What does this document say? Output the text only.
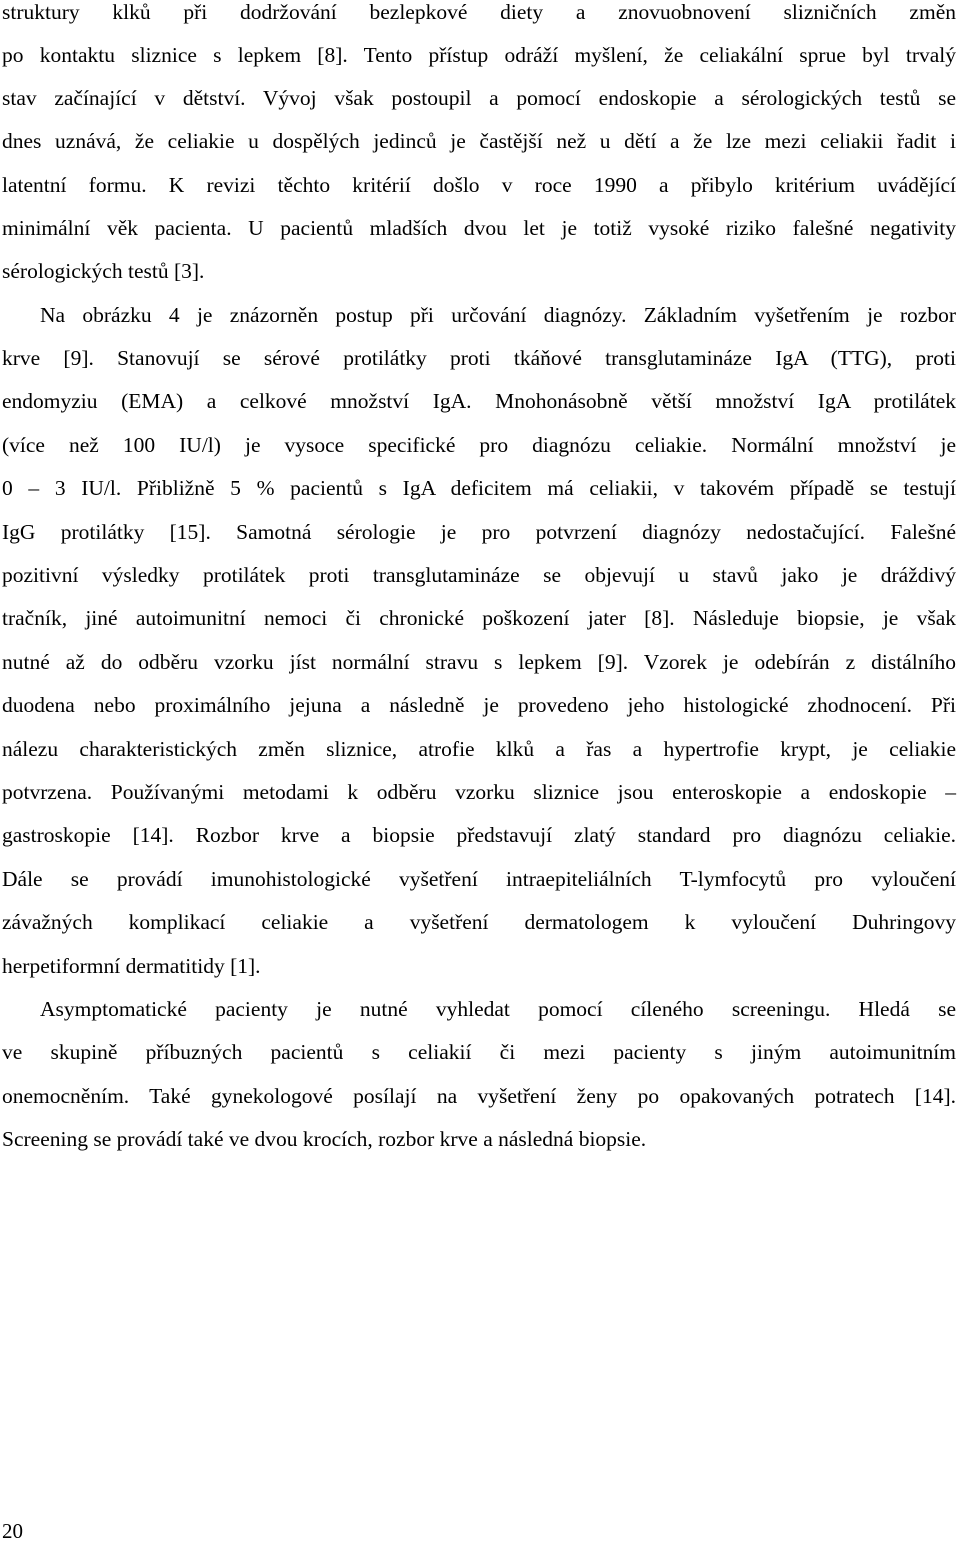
struktury klků při dodržování bezlepkové diety a znovuobnovení slizničních změn
po kontaktu sliznice s lepkem [8]. Tento přístup odráží myšlení, že celiakální sprue byl trvalý
stav začínající v dětství. Vývoj však postoupil a pomocí endoskopie a sérologických testů se
dnes uznává, že celiakie u dospělých jedinců je častější než u dětí a že lze mezi celiakii řadit i
latentní formu. K revizi těchto kritérií došlo v roce 1990 a přibylo kritérium uvádějící
minimální věk pacienta. U pacientů mladších dvou let je totiž vysoké riziko falešné negativity
sérologických testů [3].
Na obrázku 4 je znázorněn postup při určování diagnózy. Základním vyšetřením je rozbor
krve [9]. Stanovují se sérové protilátky proti tkáňové transglutamináze IgA (TTG), proti
endomyziu (EMA) a celkové množství IgA. Mnohonásobně větší množství IgA protilátek
(více než 100 IU/l) je vysoce specifické pro diagnózu celiakie. Normální množství je
0 – 3 IU/l. Přibližně 5 % pacientů s IgA deficitem má celiakii, v takovém případě se testují
IgG protilátky [15]. Samotná sérologie je pro potvrzení diagnózy nedostačující. Falešné
pozitivní výsledky protilátek proti transglutamináze se objevují u stavů jako je dráždivý
tračník, jiné autoimunitní nemoci či chronické poškození jater [8]. Následuje biopsie, je však
nutné až do odběru vzorku jíst normální stravu s lepkem [9]. Vzorek je odebírán z distálního
duodena nebo proximálního jejuna a následně je provedeno jeho histologické zhodnocení. Při
nálezu charakteristických změn sliznice, atrofie klků a řas a hypertrofie krypt, je celiakie
potvrzena. Používanými metodami k odběru vzorku sliznice jsou enteroskopie a endoskopie –
gastroskopie [14]. Rozbor krve a biopsie představují zlatý standard pro diagnózu celiakie.
Dále se provádí imunohistologické vyšetření intraepiteliálních T-lymfocytů pro vyloučení
závažných komplikací celiakie a vyšetření dermatologem k vyloučení Duhringovy
herpetiformní dermatitidy [1].
Asymptomatické pacienty je nutné vyhledat pomocí cíleného screeningu. Hledá se
ve skupině příbuzných pacientů s celiakií či mezi pacienty s jiným autoimunitním
onemocněním. Také gynekologové posílají na vyšetření ženy po opakovaných potratech [14].
Screening se provádí také ve dvou krocích, rozbor krve a následná biopsie.
20
